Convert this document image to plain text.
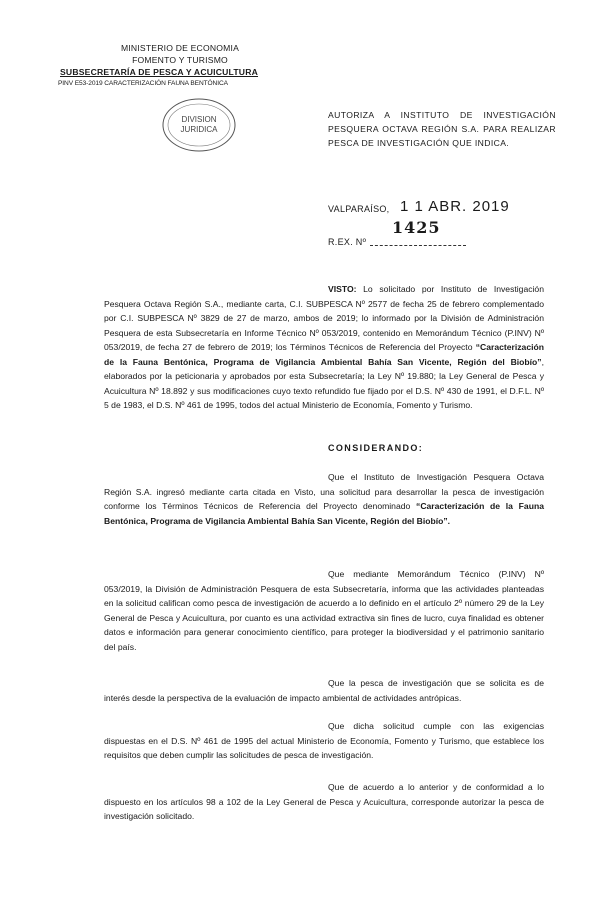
MINISTERIO DE ECONOMIA
FOMENTO Y TURISMO
SUBSECRETARÍA DE PESCA Y ACUICULTURA
PINV E53-2019 CARACTERIZACIÓN FAUNA BENTÓNICA
DIVISION
JURIDICA
AUTORIZA A INSTITUTO DE INVESTIGACIÓN PESQUERA OCTAVA REGIÓN S.A. PARA REALIZAR PESCA DE INVESTIGACIÓN QUE INDICA.
VALPARAÍSO, 1 1 ABR. 2019
1425
R.EX. Nº
VISTO: Lo solicitado por Instituto de Investigación Pesquera Octava Región S.A., mediante carta, C.I. SUBPESCA Nº 2577 de fecha 25 de febrero complementado por C.I. SUBPESCA Nº 3829 de 27 de marzo, ambos de 2019; lo informado por la División de Administración Pesquera de esta Subsecretaría en Informe Técnico Nº 053/2019, contenido en Memorándum Técnico (P.INV) Nº 053/2019, de fecha 27 de febrero de 2019; los Términos Técnicos de Referencia del Proyecto “Caracterización de la Fauna Bentónica, Programa de Vigilancia Ambiental Bahía San Vicente, Región del Biobío”, elaborados por la peticionaria y aprobados por esta Subsecretaría; la Ley Nº 19.880; la Ley General de Pesca y Acuicultura Nº 18.892 y sus modificaciones cuyo texto refundido fue fijado por el D.S. Nº 430 de 1991, el D.F.L. Nº 5 de 1983, el D.S. Nº 461 de 1995, todos del actual Ministerio de Economía, Fomento y Turismo.
CONSIDERANDO:
Que el Instituto de Investigación Pesquera Octava Región S.A. ingresó mediante carta citada en Visto, una solicitud para desarrollar la pesca de investigación conforme los Términos Técnicos de Referencia del Proyecto denominado “Caracterización de la Fauna Bentónica, Programa de Vigilancia Ambiental Bahía San Vicente, Región del Biobío”.
Que mediante Memorándum Técnico (P.INV) Nº 053/2019, la División de Administración Pesquera de esta Subsecretaría, informa que las actividades planteadas en la solicitud califican como pesca de investigación de acuerdo a lo definido en el artículo 2º número 29 de la Ley General de Pesca y Acuicultura, por cuanto es una actividad extractiva sin fines de lucro, cuya finalidad es obtener datos e información para generar conocimiento científico, para proteger la biodiversidad y el patrimonio sanitario del país.
Que la pesca de investigación que se solicita es de interés desde la perspectiva de la evaluación de impacto ambiental de actividades antrópicas.
Que dicha solicitud cumple con las exigencias dispuestas en el D.S. Nº 461 de 1995 del actual Ministerio de Economía, Fomento y Turismo, que establece los requisitos que deben cumplir las solicitudes de pesca de investigación.
Que de acuerdo a lo anterior y de conformidad a lo dispuesto en los artículos 98 a 102 de la Ley General de Pesca y Acuicultura, corresponde autorizar la pesca de investigación solicitado.
